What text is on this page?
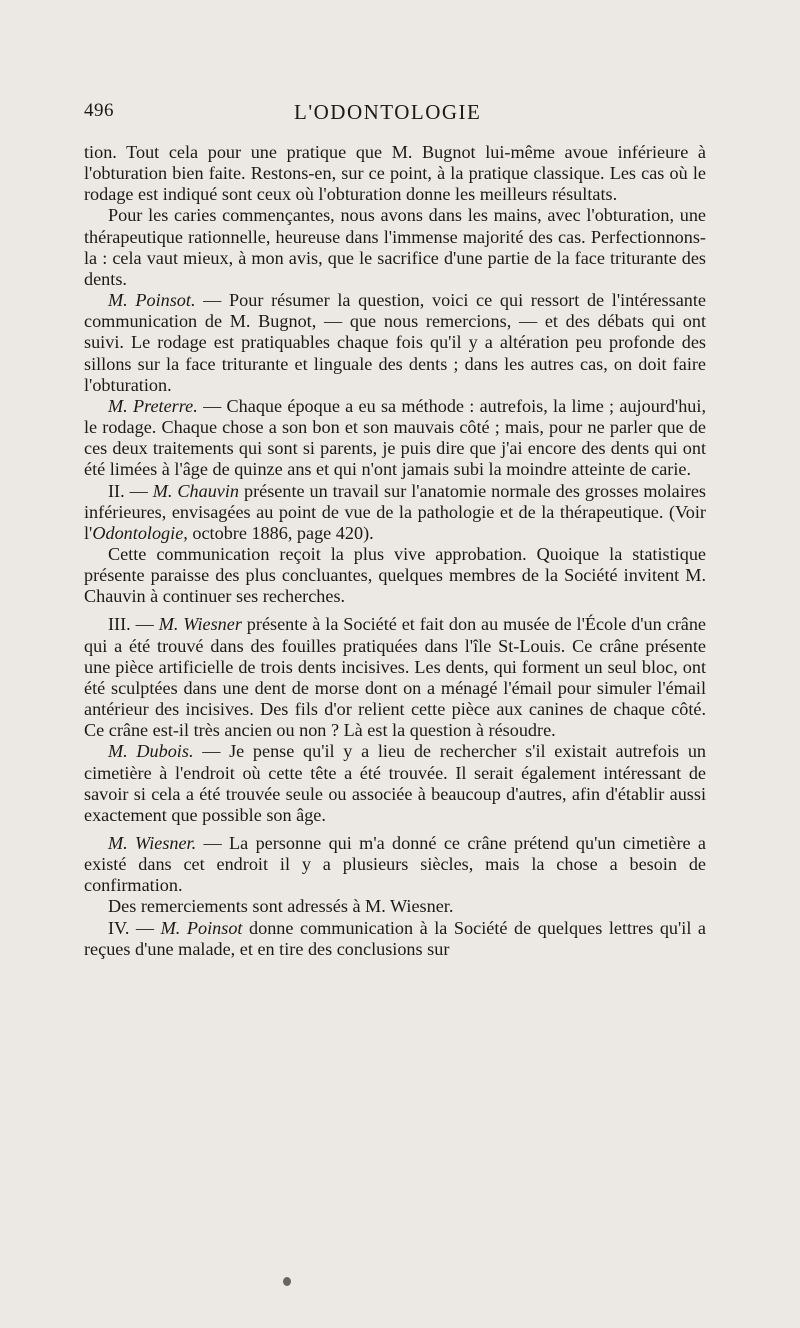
496	L'ODONTOLOGIE

tion. Tout cela pour une pratique que M. Bugnot lui-même avoue inférieure à l'obturation bien faite. Restons-en, sur ce point, à la pratique classique. Les cas où le rodage est indiqué sont ceux où l'obturation donne les meilleurs résultats.

Pour les caries commençantes, nous avons dans les mains, avec l'obturation, une thérapeutique rationnelle, heureuse dans l'immense majorité des cas. Perfectionnons-la : cela vaut mieux, à mon avis, que le sacrifice d'une partie de la face triturante des dents.

M. Poinsot. — Pour résumer la question, voici ce qui ressort de l'intéressante communication de M. Bugnot, — que nous remercions, — et des débats qui ont suivi. Le rodage est pratiquables chaque fois qu'il y a altération peu profonde des sillons sur la face triturante et linguale des dents ; dans les autres cas, on doit faire l'obturation.

M. Preterre. — Chaque époque a eu sa méthode : autrefois, la lime ; aujourd'hui, le rodage. Chaque chose a son bon et son mauvais côté ; mais, pour ne parler que de ces deux traitements qui sont si parents, je puis dire que j'ai encore des dents qui ont été limées à l'âge de quinze ans et qui n'ont jamais subi la moindre atteinte de carie.

II. — M. Chauvin présente un travail sur l'anatomie normale des grosses molaires inférieures, envisagées au point de vue de la pathologie et de la thérapeutique. (Voir l'Odontologie, octobre 1886, page 420).

Cette communication reçoit la plus vive approbation. Quoique la statistique présente paraisse des plus concluantes, quelques membres de la Société invitent M. Chauvin à continuer ses recherches.

III. — M. Wiesner présente à la Société et fait don au musée de l'École d'un crâne qui a été trouvé dans des fouilles pratiquées dans l'île St-Louis. Ce crâne présente une pièce artificielle de trois dents incisives. Les dents, qui forment un seul bloc, ont été sculptées dans une dent de morse dont on a ménagé l'émail pour simuler l'émail antérieur des incisives. Des fils d'or relient cette pièce aux canines de chaque côté. Ce crâne est-il très ancien ou non ? Là est la question à résoudre.

M. Dubois. — Je pense qu'il y a lieu de rechercher s'il existait autrefois un cimetière à l'endroit où cette tête a été trouvée. Il serait également intéressant de savoir si cela a été trouvée seule ou associée à beaucoup d'autres, afin d'établir aussi exactement que possible son âge.

M. Wiesner. — La personne qui m'a donné ce crâne prétend qu'un cimetière a existé dans cet endroit il y a plusieurs siècles, mais la chose a besoin de confirmation.

Des remerciements sont adressés à M. Wiesner.

IV. — M. Poinsot donne communication à la Société de quelques lettres qu'il a reçues d'une malade, et en tire des conclusions sur
